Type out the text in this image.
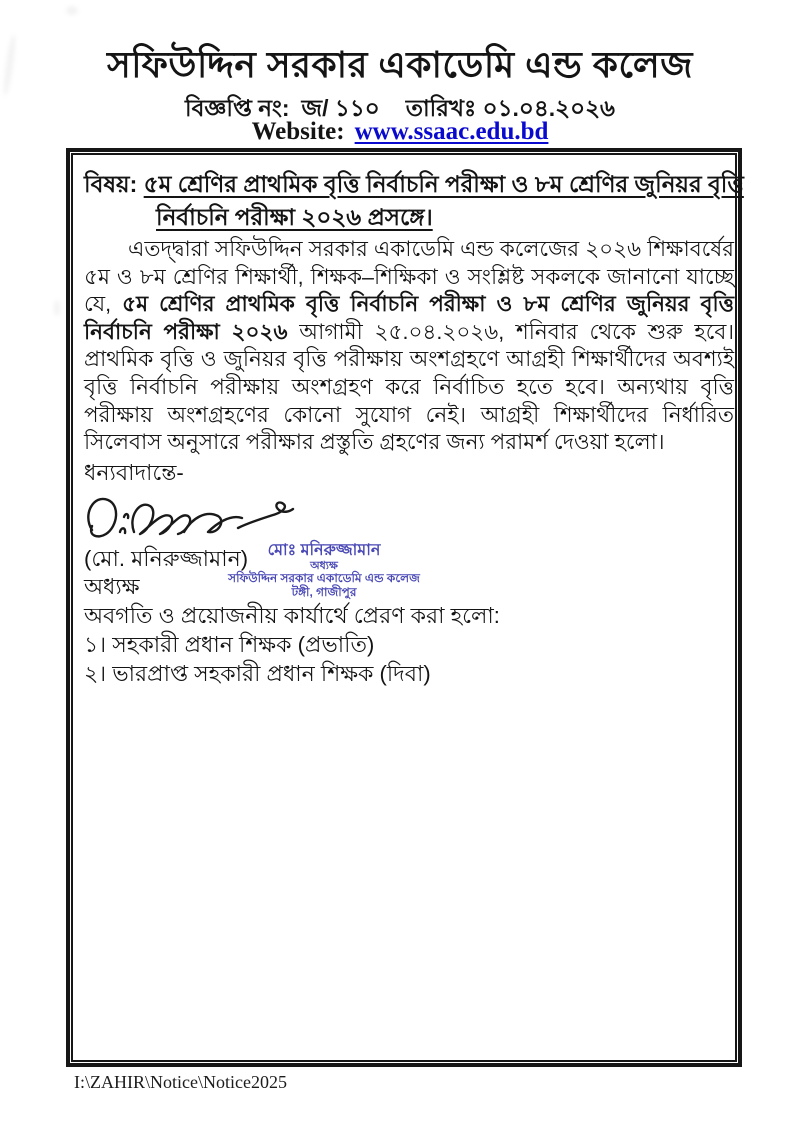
সফিউদ্দিন সরকার একাডেমি এন্ড কলেজ
বিজ্ঞপ্তি নং: জ/ ১১০ তারিখঃ ০১.০৪.২০২৬
Website: www.ssaac.edu.bd
বিষয়: ৫ম শ্রেণির প্রাথমিক বৃত্তি নির্বাচনি পরীক্ষা ও ৮ম শ্রেণির জুনিয়র বৃত্তি নির্বাচনি পরীক্ষা ২০২৬ প্রসঙ্গে।
এতদ্দ্বারা সফিউদ্দিন সরকার একাডেমি এন্ড কলেজের ২০২৬ শিক্ষাবর্ষের ৫ম ও ৮ম শ্রেণির শিক্ষার্থী, শিক্ষক–শিক্ষিকা ও সংশ্লিষ্ট সকলকে জানানো যাচ্ছে যে, ৫ম শ্রেণির প্রাথমিক বৃত্তি নির্বাচনি পরীক্ষা ও ৮ম শ্রেণির জুনিয়র বৃত্তি নির্বাচনি পরীক্ষা ২০২৬ আগামী ২৫.০৪.২০২৬, শনিবার থেকে শুরু হবে। প্রাথমিক বৃত্তি ও জুনিয়র বৃত্তি পরীক্ষায় অংশগ্রহণে আগ্রহী শিক্ষার্থীদের অবশ্যই বৃত্তি নির্বাচনি পরীক্ষায় অংশগ্রহণ করে নির্বাচিত হতে হবে। অন্যথায় বৃত্তি পরীক্ষায় অংশগ্রহণের কোনো সুযোগ নেই। আগ্রহী শিক্ষার্থীদের নির্ধারিত সিলেবাস অনুসারে পরীক্ষার প্রস্তুতি গ্রহণের জন্য পরামর্শ দেওয়া হলো।
ধন্যবাদান্তে-
মোঃ মনিরুজ্জামান
অধ্যক্ষ
সফিউদ্দিন সরকার একাডেমি এন্ড কলেজ
টঙ্গী, গাজীপুর
(মো. মনিরুজ্জামান)
অধ্যক্ষ
অবগতি ও প্রয়োজনীয় কার্যার্থে প্রেরণ করা হলো:
১। সহকারী প্রধান শিক্ষক (প্রভাতি)
২। ভারপ্রাপ্ত সহকারী প্রধান শিক্ষক (দিবা)
I:\ZAHIR\Notice\Notice2025
